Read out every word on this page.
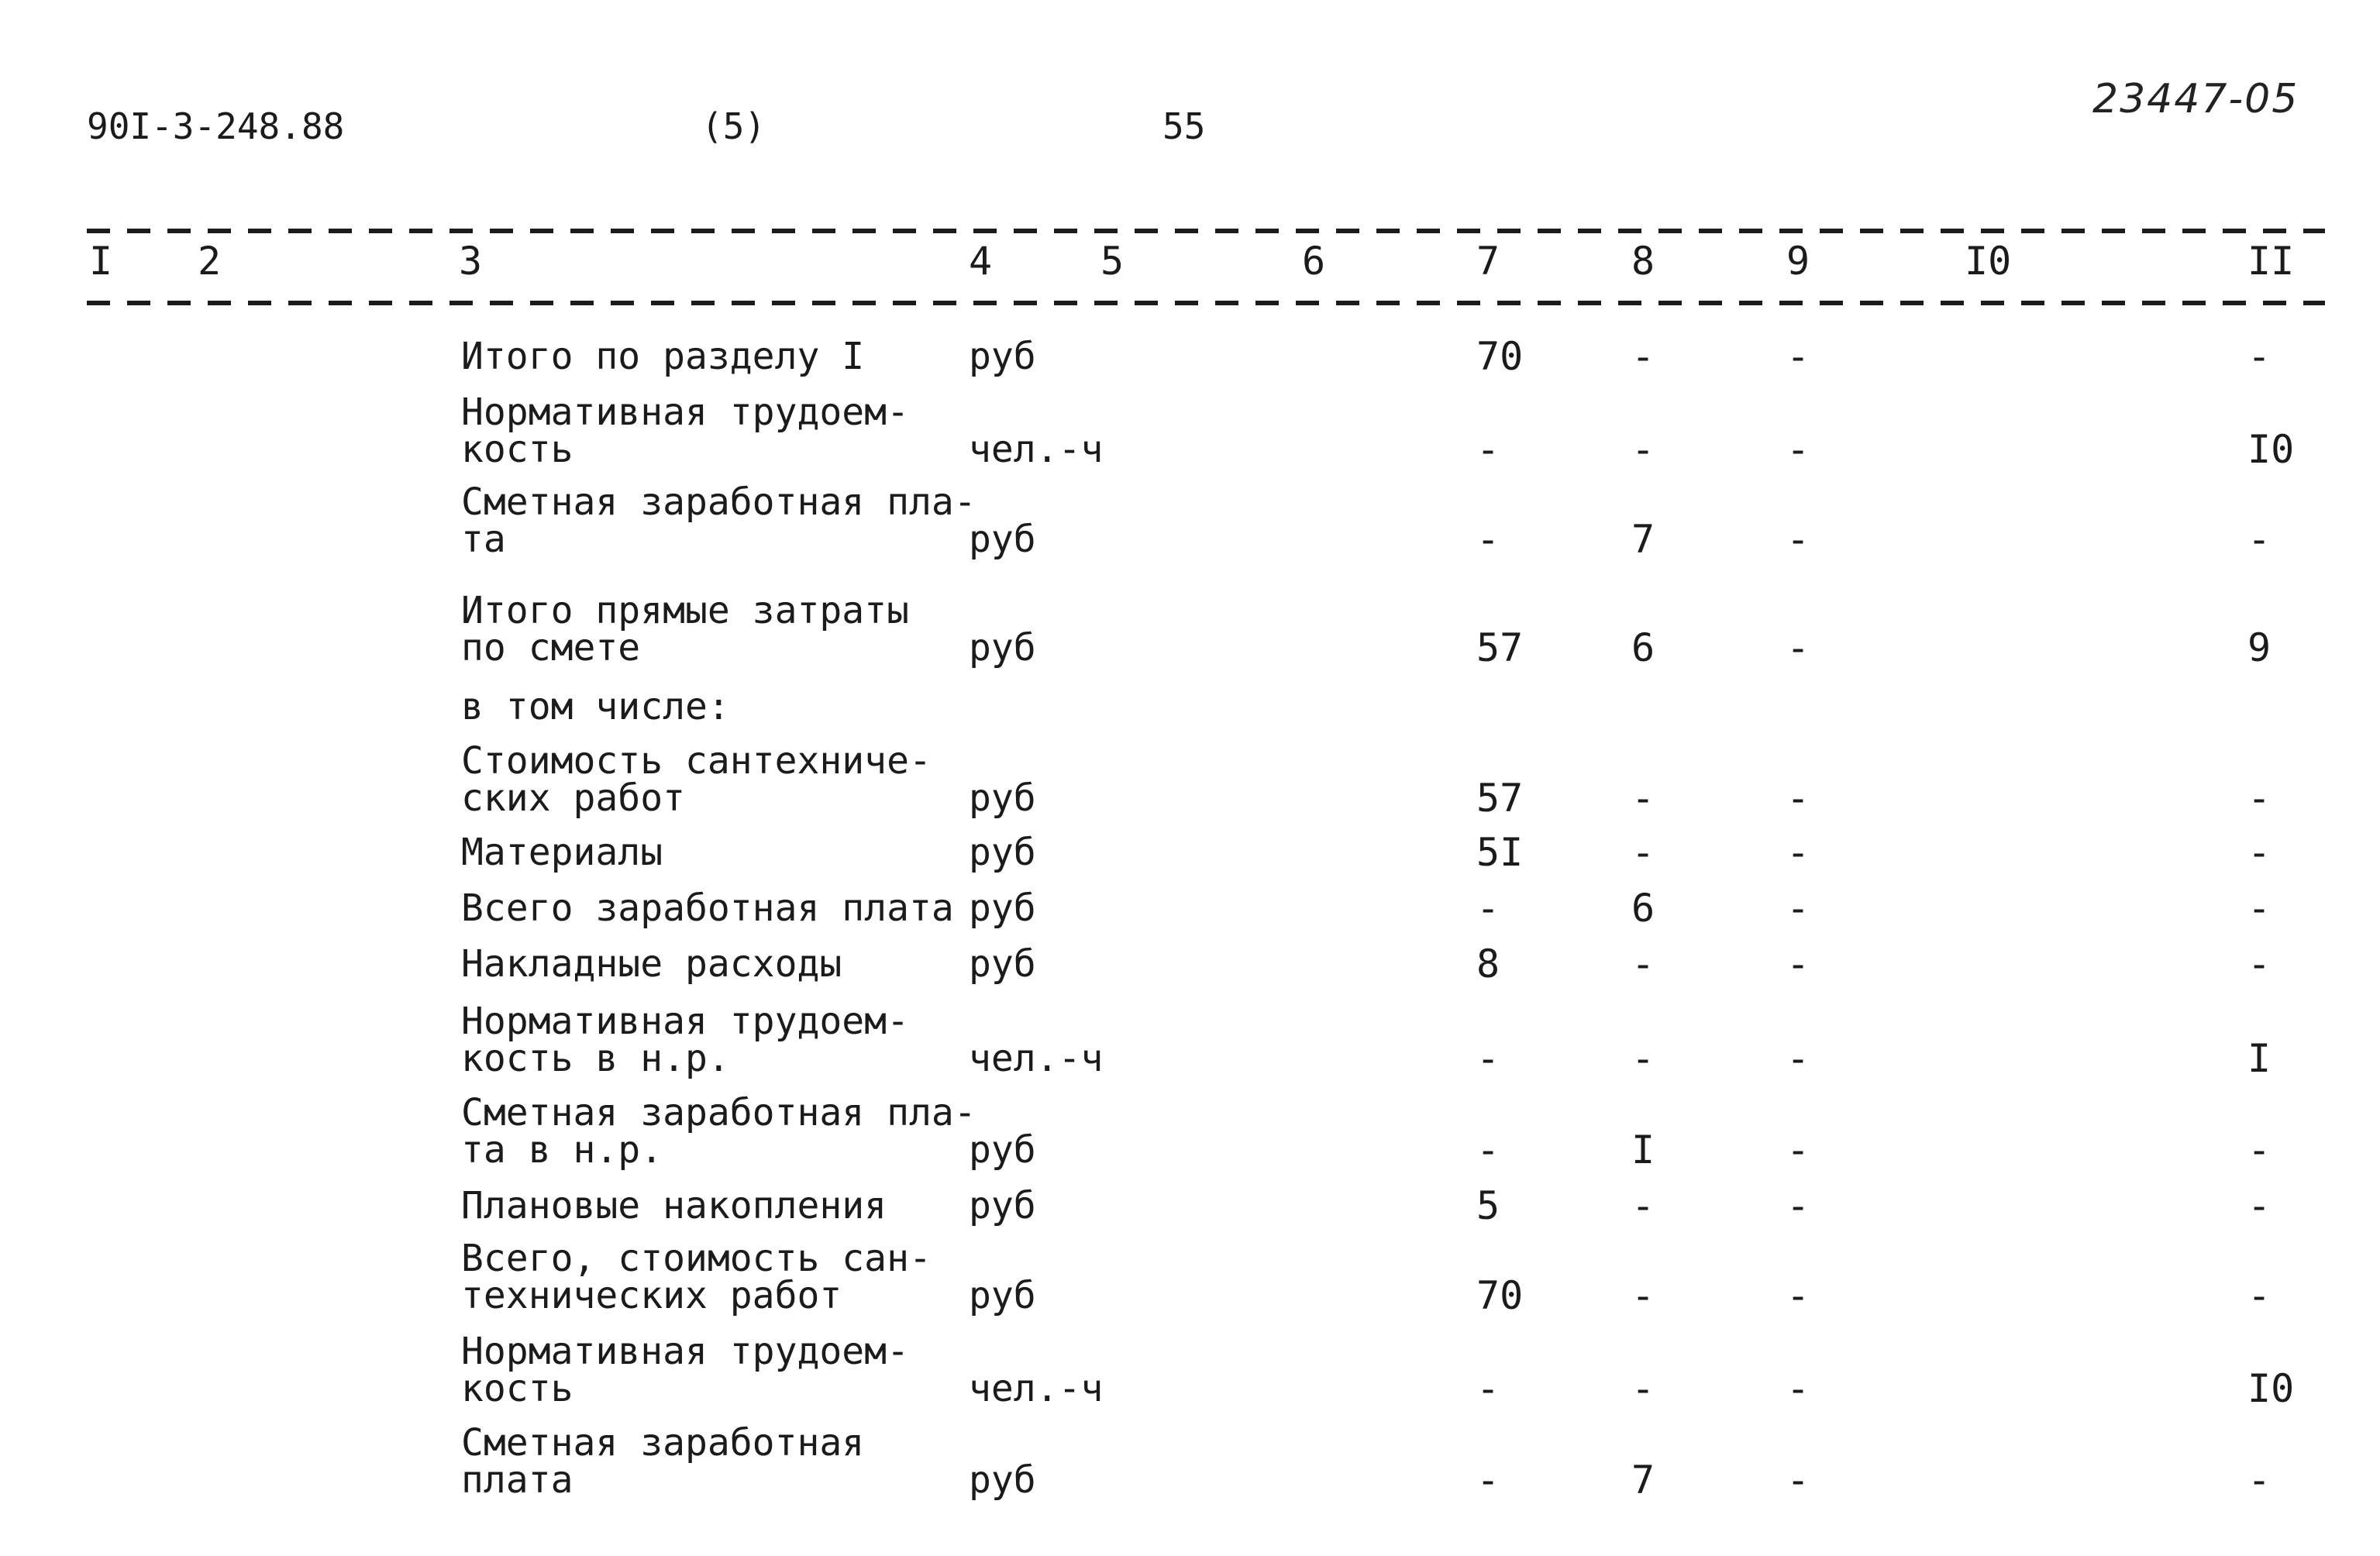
90I-3-248.88	(5)	55
23447-05
I 2	3	4	5	6	7	8	9	I0	II
Итого по разделу I	руб	70	-	-	-
Нормативная трудоем-
кость	чел.-ч	-	-	-	I0
Сметная заработная пла-
та	руб	-	7	-	-
Итого прямые затраты
по смете	руб	57	6	-	9
в том числе:
Стоимость сантехниче-
ских работ	руб	57	-	-	-
Материалы	руб	5I	-	-	-
Всего заработная плата руб	-	6	-	-
Накладные расходы	руб	8	-	-	-
Нормативная трудоем-
кость в н.р.	чел.-ч	-	-	-	I
Сметная заработная пла-
та в н.р.	руб	-	I	-	-
Плановые накопления руб	5	-	-	-
Всего, стоимость сан-
технических работ	руб	70	-	-	-
Нормативная трудоем-
кость	чел.-ч	-	-	-	I0
Сметная заработная
плата	руб	-	7	-	-
